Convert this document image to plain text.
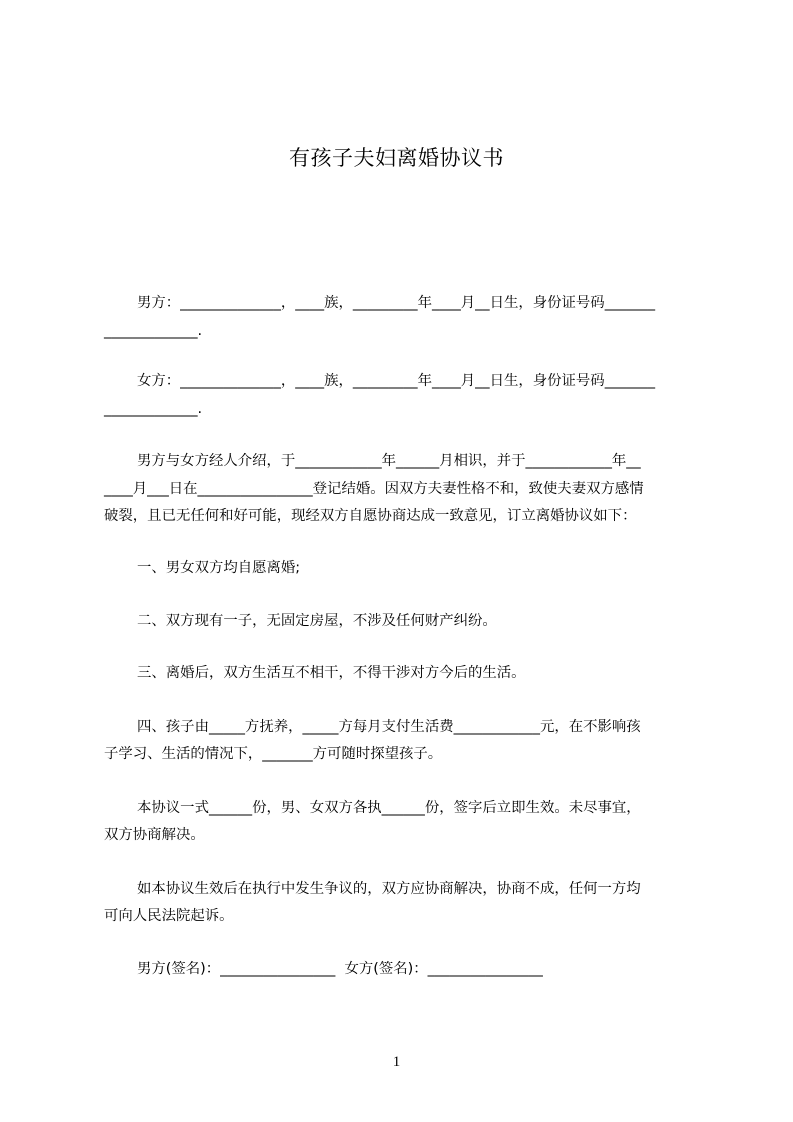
有孩子夫妇离婚协议书
男方：______________，____族，_________年____月__日生，身份证号码_______
_____________.
女方：______________，____族，_________年____月__日生，身份证号码_______
_____________.
男方与女方经人介绍，于____________年______月相识，并于____________年__
____月___日在________________登记结婚。因双方夫妻性格不和，致使夫妻双方感情
破裂，且已无任何和好可能，现经双方自愿协商达成一致意见，订立离婚协议如下：
一、男女双方均自愿离婚;
二、双方现有一子，无固定房屋，不涉及任何财产纠纷。
三、离婚后，双方生活互不相干，不得干涉对方今后的生活。
四、孩子由_____方抚养，_____方每月支付生活费____________元，在不影响孩
子学习、生活的情况下，_______方可随时探望孩子。
本协议一式______份，男、女双方各执______份，签字后立即生效。未尽事宜，
双方协商解决。
如本协议生效后在执行中发生争议的，双方应协商解决，协商不成，任何一方均
可向人民法院起诉。
男方(签名)：________________  女方(签名)：________________
1
